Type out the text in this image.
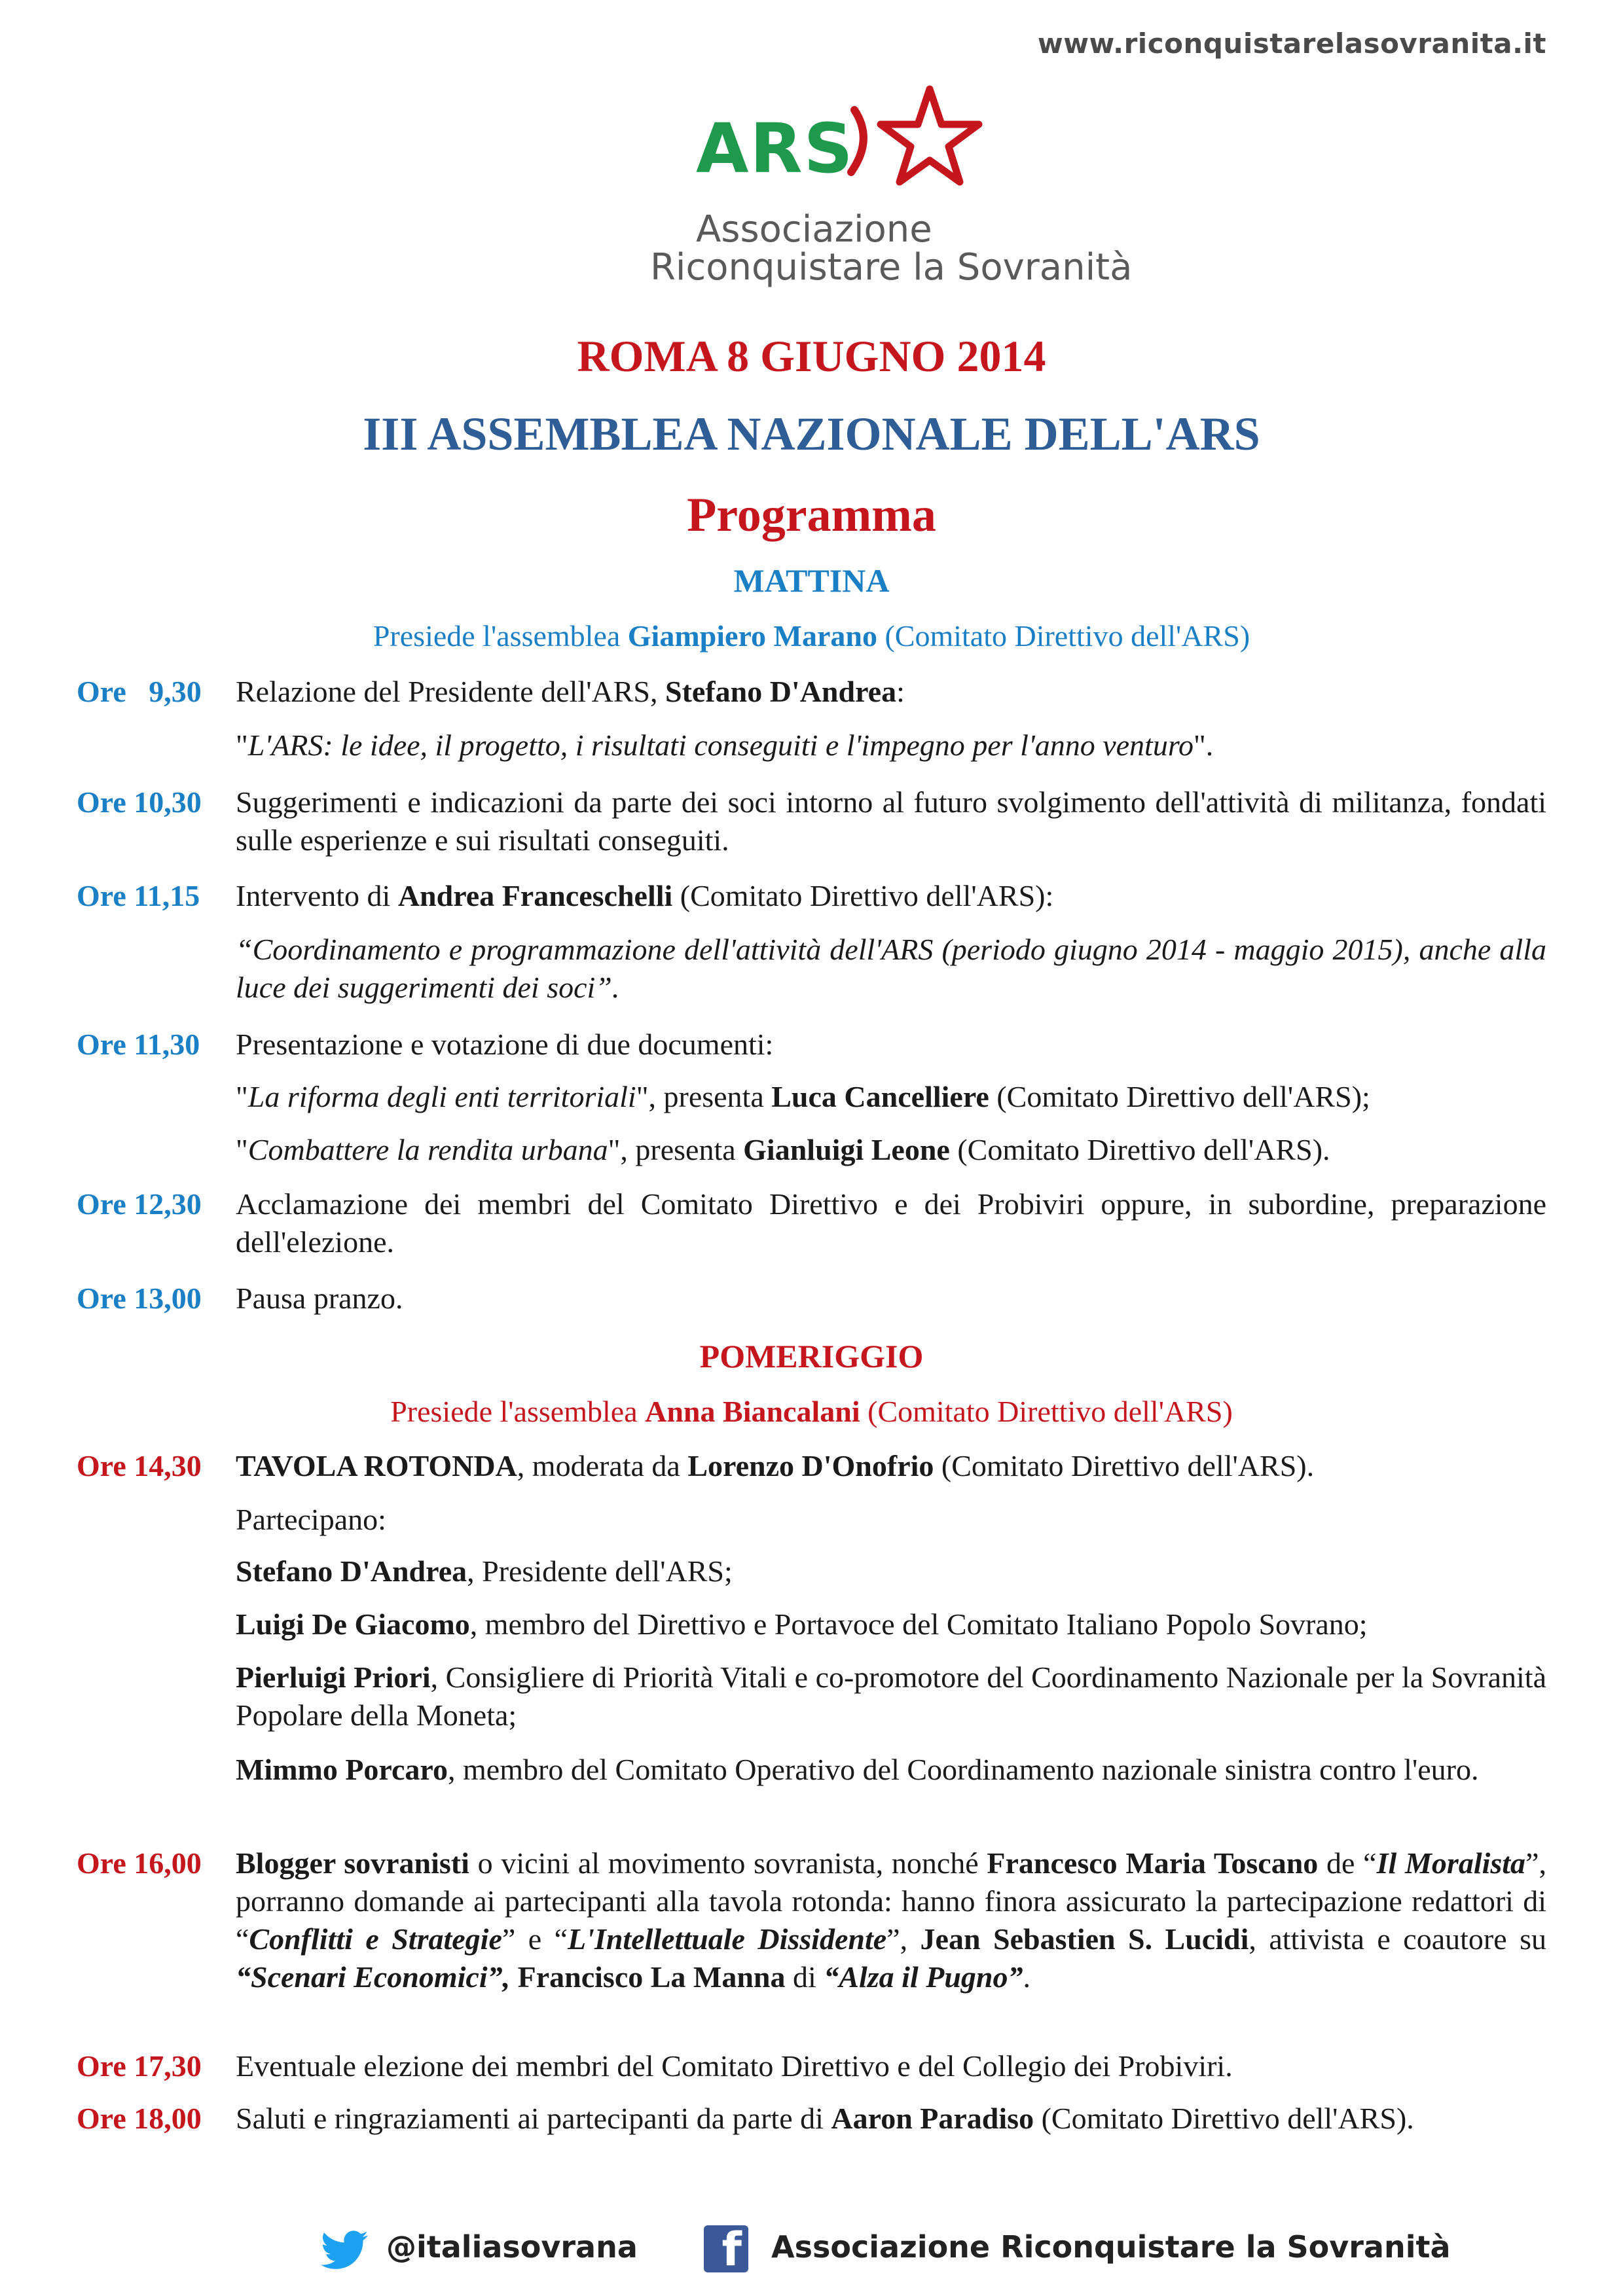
www.riconquistarelasovranita.it
ARS
Associazione
Riconquistare la Sovranità
ROMA 8 GIUGNO 2014
III ASSEMBLEA NAZIONALE DELL'ARS
Programma
MATTINA
Presiede l'assemblea Giampiero Marano (Comitato Direttivo dell'ARS)
Ore   9,30	Relazione del Presidente dell'ARS, Stefano D'Andrea:
"L'ARS: le idee, il progetto, i risultati conseguiti e l'impegno per l'anno venturo".
Ore 10,30	Suggerimenti e indicazioni da parte dei soci intorno al futuro svolgimento dell'attività di militanza, fondati sulle esperienze e sui risultati conseguiti.
Ore 11,15	Intervento di Andrea Franceschelli (Comitato Direttivo dell'ARS):
“Coordinamento e programmazione dell'attività dell'ARS (periodo giugno 2014 - maggio 2015), anche alla luce dei suggerimenti dei soci”.
Ore 11,30	Presentazione e votazione di due documenti:
"La riforma degli enti territoriali", presenta Luca Cancelliere (Comitato Direttivo dell'ARS);
"Combattere la rendita urbana", presenta Gianluigi Leone (Comitato Direttivo dell'ARS).
Ore 12,30	Acclamazione dei membri del Comitato Direttivo e dei Probiviri oppure, in subordine, preparazione dell'elezione.
Ore 13,00	Pausa pranzo.
POMERIGGIO
Presiede l'assemblea Anna Biancalani (Comitato Direttivo dell'ARS)
Ore 14,30	TAVOLA ROTONDA, moderata da Lorenzo D'Onofrio (Comitato Direttivo dell'ARS).
Partecipano:
Stefano D'Andrea, Presidente dell'ARS;
Luigi De Giacomo, membro del Direttivo e Portavoce del Comitato Italiano Popolo Sovrano;
Pierluigi Priori, Consigliere di Priorità Vitali e co-promotore del Coordinamento Nazionale per la Sovranità Popolare della Moneta;
Mimmo Porcaro, membro del Comitato Operativo del Coordinamento nazionale sinistra contro l'euro.
Ore 16,00	Blogger sovranisti o vicini al movimento sovranista, nonché Francesco Maria Toscano de “Il Moralista”, porranno domande ai partecipanti alla tavola rotonda: hanno finora assicurato la partecipazione redattori di “Conflitti e Strategie” e “L'Intellettuale Dissidente”, Jean Sebastien S. Lucidi, attivista e coautore su “Scenari Economici”, Francisco La Manna di “Alza il Pugno”.
Ore 17,30	Eventuale elezione dei membri del Comitato Direttivo e del Collegio dei Probiviri.
Ore 18,00	Saluti e ringraziamenti ai partecipanti da parte di Aaron Paradiso (Comitato Direttivo dell'ARS).
@italiasovrana f Associazione Riconquistare la Sovranità
